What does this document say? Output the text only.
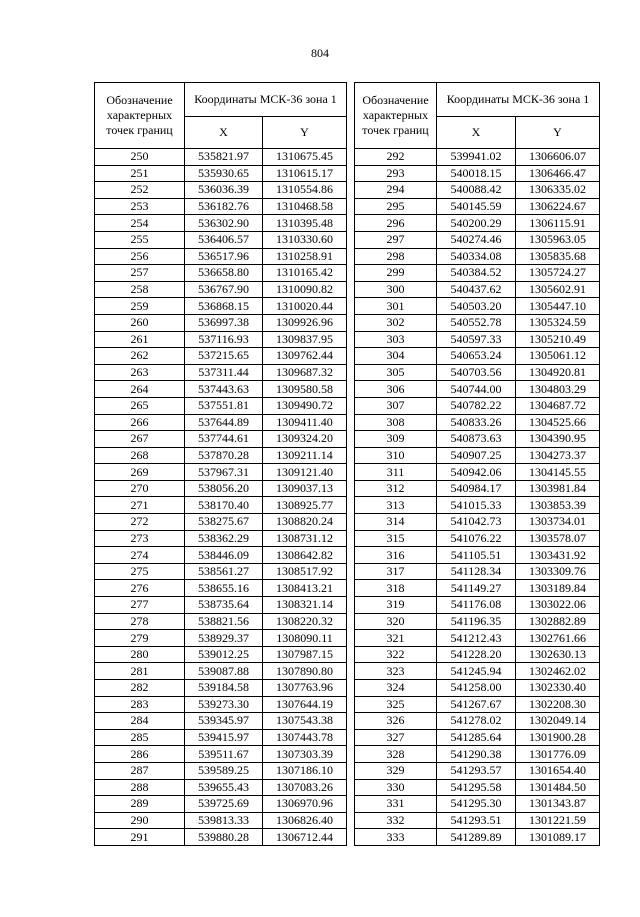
804
Обозначение характерных точек границ	Координаты МСК-36 зона 1			Обозначение характерных точек границ	Координаты МСК-36 зона 1	
	X	Y			X	Y
250	535821.97	1310675.45		292	539941.02	1306606.07
251	535930.65	1310615.17		293	540018.15	1306466.47
252	536036.39	1310554.86		294	540088.42	1306335.02
253	536182.76	1310468.58		295	540145.59	1306224.67
254	536302.90	1310395.48		296	540200.29	1306115.91
255	536406.57	1310330.60		297	540274.46	1305963.05
256	536517.96	1310258.91		298	540334.08	1305835.68
257	536658.80	1310165.42		299	540384.52	1305724.27
258	536767.90	1310090.82		300	540437.62	1305602.91
259	536868.15	1310020.44		301	540503.20	1305447.10
260	536997.38	1309926.96		302	540552.78	1305324.59
261	537116.93	1309837.95		303	540597.33	1305210.49
262	537215.65	1309762.44		304	540653.24	1305061.12
263	537311.44	1309687.32		305	540703.56	1304920.81
264	537443.63	1309580.58		306	540744.00	1304803.29
265	537551.81	1309490.72		307	540782.22	1304687.72
266	537644.89	1309411.40		308	540833.26	1304525.66
267	537744.61	1309324.20		309	540873.63	1304390.95
268	537870.28	1309211.14		310	540907.25	1304273.37
269	537967.31	1309121.40		311	540942.06	1304145.55
270	538056.20	1309037.13		312	540984.17	1303981.84
271	538170.40	1308925.77		313	541015.33	1303853.39
272	538275.67	1308820.24		314	541042.73	1303734.01
273	538362.29	1308731.12		315	541076.22	1303578.07
274	538446.09	1308642.82		316	541105.51	1303431.92
275	538561.27	1308517.92		317	541128.34	1303309.76
276	538655.16	1308413.21		318	541149.27	1303189.84
277	538735.64	1308321.14		319	541176.08	1303022.06
278	538821.56	1308220.32		320	541196.35	1302882.89
279	538929.37	1308090.11		321	541212.43	1302761.66
280	539012.25	1307987.15		322	541228.20	1302630.13
281	539087.88	1307890.80		323	541245.94	1302462.02
282	539184.58	1307763.96		324	541258.00	1302330.40
283	539273.30	1307644.19		325	541267.67	1302208.30
284	539345.97	1307543.38		326	541278.02	1302049.14
285	539415.97	1307443.78		327	541285.64	1301900.28
286	539511.67	1307303.39		328	541290.38	1301776.09
287	539589.25	1307186.10		329	541293.57	1301654.40
288	539655.43	1307083.26		330	541295.58	1301484.50
289	539725.69	1306970.96		331	541295.30	1301343.87
290	539813.33	1306826.40		332	541293.51	1301221.59
291	539880.28	1306712.44		333	541289.89	1301089.17
